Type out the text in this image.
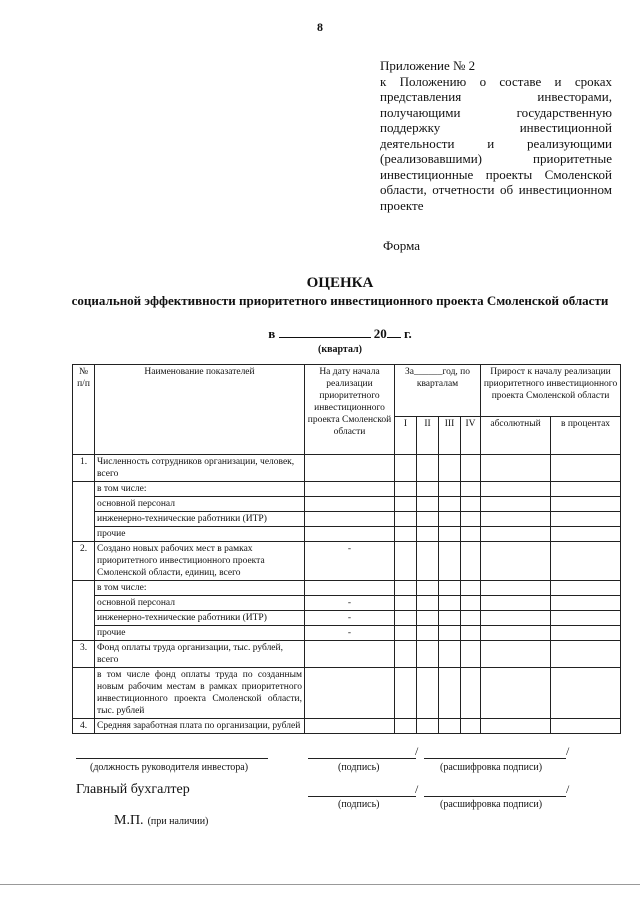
8
Приложение № 2
к Положению о составе и сроках представления инвесторами, получающими государственную поддержку инвестиционной деятельности и реализующими (реализовавшими) приоритетные инвестиционные проекты Смоленской области, отчетности об инвестиционном проекте
Форма
ОЦЕНКА
социальной эффективности приоритетного инвестиционного проекта Смоленской области
в	20 г.
(квартал)
№ п/п	Наименование показателей	На дату начала реализации приоритетного инвестиционного проекта Смоленской области	За______год, по кварталам				Прирост к началу реализации приоритетного инвестиционного проекта Смоленской области	
			I	II	III	IV	абсолютный	в процентах
1.	Численность сотрудников организации, человек, всего							
	в том числе:							
	основной персонал							
	инженерно-технические работники (ИТР)							
	прочие							
2.	Создано новых рабочих мест в рамках приоритетного инвестиционного проекта Смоленской области, единиц, всего	-						
	в том числе:							
	основной персонал	-						
	инженерно-технические работники (ИТР)	-						
	прочие	-						
3.	Фонд оплаты труда организации, тыс. рублей, всего							
	в том числе фонд оплаты труда по созданным новым рабочим местам в рамках приоритетного инвестиционного проекта Смоленской области, тыс. рублей							
4.	Средняя заработная плата по организации, рублей							
/	/
(должность руководителя инвестора)	(подпись)	(расшифровка подписи)
Главный бухгалтер	/	/
(подпись)	(расшифровка подписи)
М.П. (при наличии)
